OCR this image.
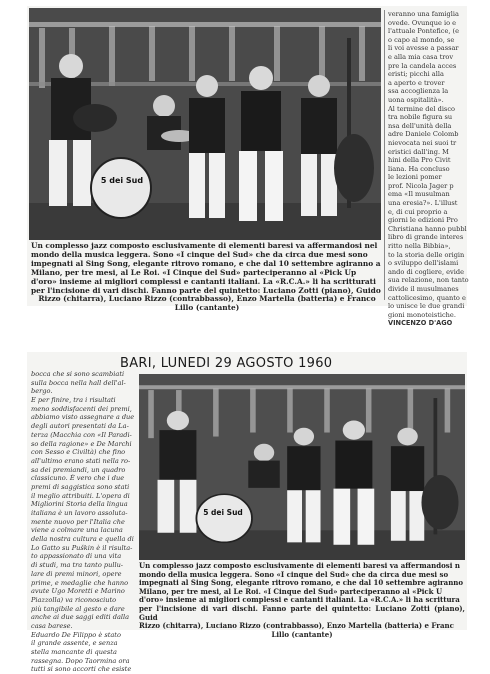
5 dei Sud

Un complesso jazz composto esclusivamente di elementi baresi va affermandosi nel

mondo della musica leggera. Sono «I cinque del Sud» che da circa due mesi sono

impegnati al Sing Song, elegante ritrovo romano, e che dal 10 settembre agiranno a

Milano, per tre mesi, al Le Roi. «I Cinque del Sud» parteciperanno al «Pick Up

d'oro» insieme ai migliori complessi e cantanti italiani. La «R.C.A.» li ha scritturati

per l'incisione di vari dischi. Fanno parte del quintetto: Luciano Zotti (piano), Guido

Rizzo (chitarra), Luciano Rizzo (contrabbasso), Enzo Martella (batteria) e Franco

Lillo (cantante)

veranno una famiglia
ovede. Ovunque io e
l'attuale Pontefice, (e
o capo al mondo, se
li voi avesse a passar
e alla mia casa trov
pre la candela acces
eristi; picchi alla
a aperto e trover
ssa accoglienza la
uona ospitalità».
Al termine del disco
tra nobile figura su
nsa dell'unità della
adre Daniele Colomb
nievocata nei suoi tr
eristici dall'ing. M
hini della Pro Civit
liana. Ha concluso
le lezioni pomer
prof. Nicola Jager p
ema «Il musulman
una eresia?». L'illust
e, di cui proprio a
giorni le edizioni Pro
Christiana hanno pubbl
libro di grande interes
ritto nella Bibbia»,
to la storia delle origin
o sviluppo dell'islami
ando di cogliere, evide
sua relazione, non tanto
divide il musulmanes
cattolicesimo, quanto e
lo unisce le due grandi
gioni monoteistiche.
VINCENZO D'AGO
BARI, LUNEDI 29 AGOSTO 1960
bocca che si sono scambiati
sulla bocca nella hall dell'al-
bergo.
E per finire, tra i risultati
meno soddisfacenti dei premi,
abbiamo visto assegnare a due
degli autori presentati da La-
terza (Macchia con «Il Paradi-
so della ragione» e De Marchi
con Sesso e Civiltà) che fino
all'ultimo erano stati nella ro-
sa dei premiandi, un quadro
classicuno. È vero che i due
premi di saggistica sono stati
il meglio attribuiti. L'opera di
Migliorini Storia della lingua
italiana è un lavoro assoluta-
mente nuovo per l'Italia che
viene a colmare una lacuna
della nostra cultura e quella di
Lo Gatto su Puškin è il risulta-
to appassionato di una vita
di studi, ma tra tanto pullu-
lare di premi minori, opere
prime, e medaglie che hanno
avute Ugo Moretti e Marino
Piazzolla) va riconosciuto
più tangibile al gesto e dare
anche ai due saggi editi dalla
casa barese.
Eduardo De Filippo è stato
il grande assente, e senza
stella mancante di questa
rassegna. Dopo Taormina ora
tutti si sono accorti che esiste
5 dei Sud

Un complesso jazz composto esclusivamente di elementi baresi va affermandosi n

mondo della musica leggera. Sono «I cinque del Sud» che da circa due mesi so

impegnati al Sing Song, elegante ritrovo romano, e che dal 10 settembre agiranno

Milano, per tre mesi, al Le Roi. «I Cinque del Sud» parteciperanno al «Pick U

d'oro» insieme ai migliori complessi e cantanti italiani. La «R.C.A.» li ha scrittura

per l'incisione di vari dischi. Fanno parte del quintetto: Luciano Zotti (piano), Guid

Rizzo (chitarra), Luciano Rizzo (contrabbasso), Enzo Martella (batteria) e Franc

Lillo (cantante)
